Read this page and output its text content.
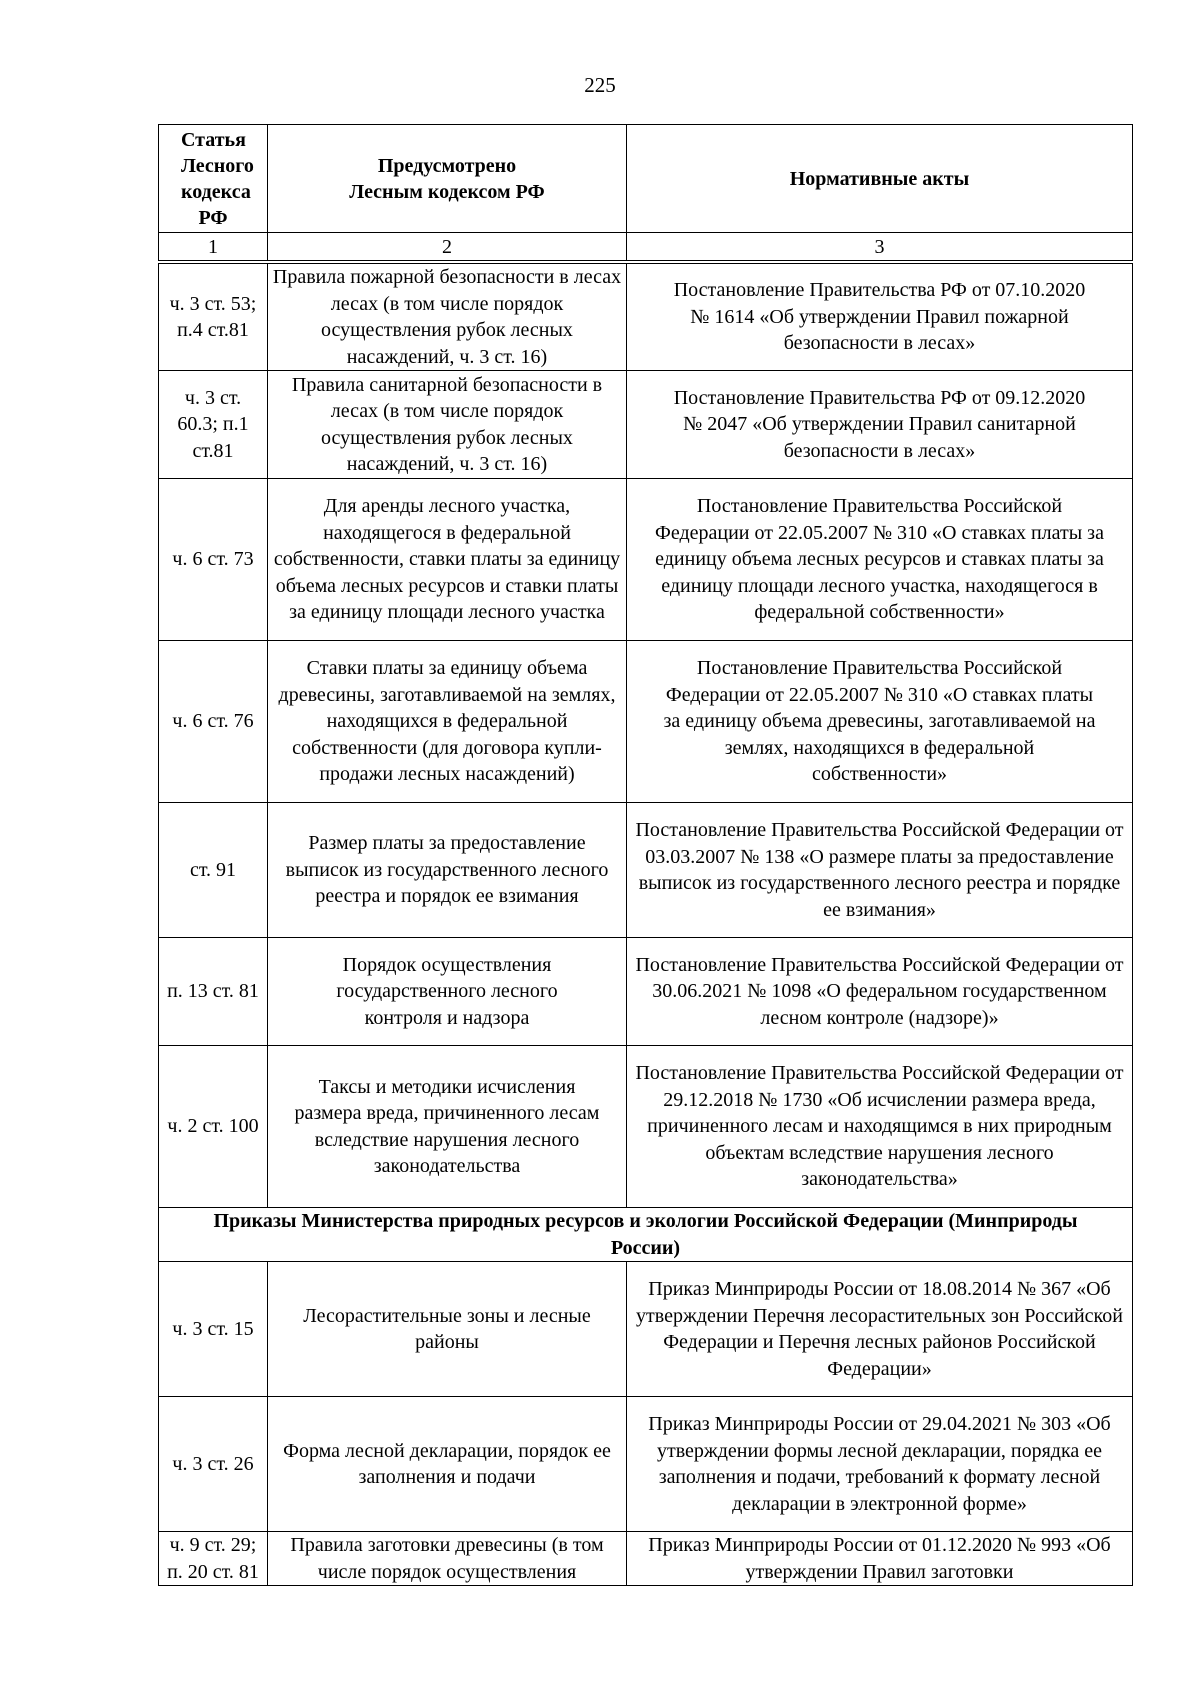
225
Статья Лесного кодекса РФ	Предусмотрено Лесным кодексом РФ	Нормативные акты
1	2	3
ч. 3 ст. 53; п.4 ст.81	Правила пожарной безопасности в лесах лесах (в том числе порядок осуществления рубок лесных насаждений, ч. 3 ст. 16)	Постановление Правительства РФ от 07.10.2020 № 1614 «Об утверждении Правил пожарной безопасности в лесах»
ч. 3 ст. 60.3; п.1 ст.81	Правила санитарной безопасности в лесах (в том числе порядок осуществления рубок лесных насаждений, ч. 3 ст. 16)	Постановление Правительства РФ от 09.12.2020 № 2047 «Об утверждении Правил санитарной безопасности в лесах»
ч. 6 ст. 73	Для аренды лесного участка, находящегося в федеральной собственности, ставки платы за единицу объема лесных ресурсов и ставки платы за единицу площади лесного участка	Постановление Правительства Российской Федерации от 22.05.2007 № 310 «О ставках платы за единицу объема лесных ресурсов и ставках платы за единицу площади лесного участка, находящегося в федеральной собственности»
ч. 6 ст. 76	Ставки платы за единицу объема древесины, заготавливаемой на землях, находящихся в федеральной собственности (для договора купли-продажи лесных насаждений)	Постановление Правительства Российской Федерации от 22.05.2007 № 310 «О ставках платы за единицу объема древесины, заготавливаемой на землях, находящихся в федеральной собственности»
ст. 91	Размер платы за предоставление выписок из государственного лесного реестра и порядок ее взимания	Постановление Правительства Российской Федерации от 03.03.2007 № 138 «О размере платы за предоставление выписок из государственного лесного реестра и порядке ее взимания»
п. 13 ст. 81	Порядок осуществления государственного лесного контроля и надзора	Постановление Правительства Российской Федерации от 30.06.2021 № 1098 «О федеральном государственном лесном контроле (надзоре)»
ч. 2 ст. 100	Таксы и методики исчисления размера вреда, причиненного лесам вследствие нарушения лесного законодательства	Постановление Правительства Российской Федерации от 29.12.2018 № 1730 «Об исчислении размера вреда, причиненного лесам и находящимся в них природным объектам вследствие нарушения лесного законодательства»
Приказы Министерства природных ресурсов и экологии Российской Федерации (Минприроды России)		
ч. 3 ст. 15	Лесорастительные зоны и лесные районы	Приказ Минприроды России от 18.08.2014 № 367 «Об утверждении Перечня лесорастительных зон Российской Федерации и Перечня лесных районов Российской Федерации»
ч. 3 ст. 26	Форма лесной декларации, порядок ее заполнения и подачи	Приказ Минприроды России от 29.04.2021 № 303 «Об утверждении формы лесной декларации, порядка ее заполнения и подачи, требований к формату лесной декларации в электронной форме»
ч. 9 ст. 29; п. 20 ст. 81	Правила заготовки древесины (в том числе порядок осуществления	Приказ Минприроды России от 01.12.2020 № 993 «Об утверждении Правил заготовки
